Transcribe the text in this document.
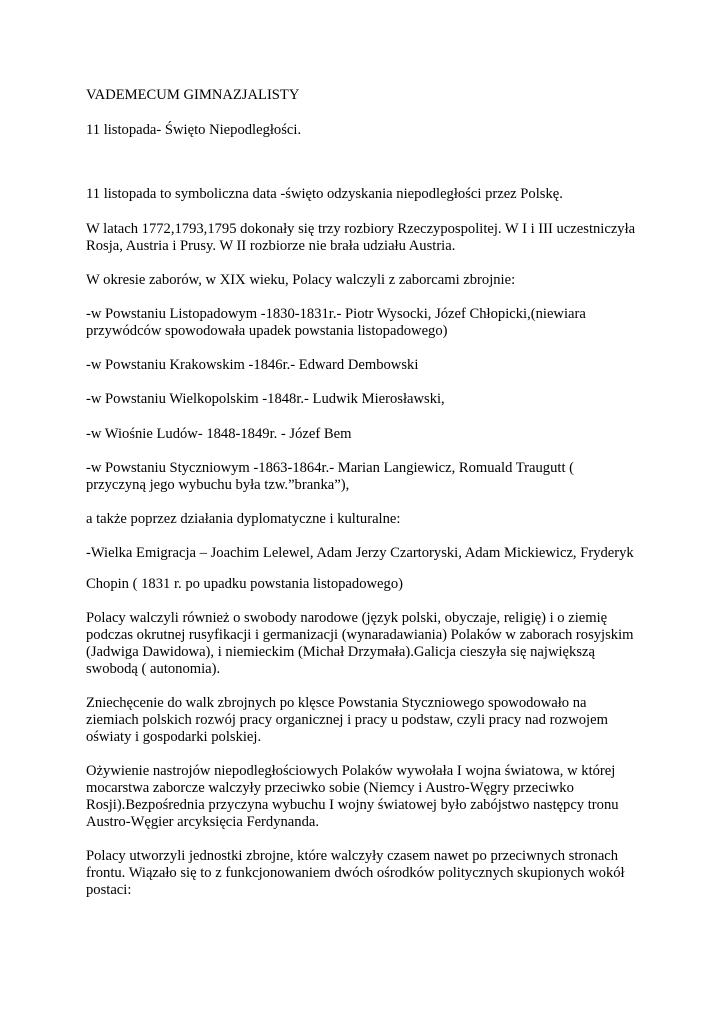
VADEMECUM GIMNAZJALISTY

11 listopada- Święto Niepodległości.

11 listopada to symboliczna data -święto odzyskania niepodległości przez Polskę.

W latach 1772,1793,1795 dokonały się trzy rozbiory Rzeczypospolitej. W I i III uczestniczyła

Rosja, Austria i Prusy. W II rozbiorze nie brała udziału Austria.

W okresie zaborów, w XIX wieku, Polacy walczyli z zaborcami zbrojnie:

-w Powstaniu Listopadowym -1830-1831r.- Piotr Wysocki, Józef Chłopicki,(niewiara

przywódców spowodowała upadek powstania listopadowego)

-w Powstaniu Krakowskim -1846r.- Edward Dembowski

-w Powstaniu Wielkopolskim -1848r.- Ludwik Mierosławski,

-w Wiośnie Ludów- 1848-1849r. - Józef Bem

-w Powstaniu Styczniowym -1863-1864r.- Marian Langiewicz, Romuald Traugutt (

przyczyną jego wybuchu była tzw.”branka”),

a także poprzez działania dyplomatyczne i kulturalne:

-Wielka Emigracja – Joachim Lelewel, Adam Jerzy Czartoryski, Adam Mickiewicz, Fryderyk

Chopin ( 1831 r. po upadku powstania listopadowego)

Polacy walczyli również o swobody narodowe (język polski, obyczaje, religię) i o ziemię

podczas okrutnej rusyfikacji i germanizacji (wynaradawiania) Polaków w zaborach rosyjskim

(Jadwiga Dawidowa), i niemieckim (Michał Drzymała).Galicja cieszyła się największą

swobodą ( autonomia).

Zniechęcenie do walk zbrojnych po klęsce Powstania Styczniowego spowodowało na

ziemiach polskich rozwój pracy organicznej i pracy u podstaw, czyli pracy nad rozwojem

oświaty i gospodarki polskiej.

Ożywienie nastrojów niepodległościowych Polaków wywołała I wojna światowa, w której

mocarstwa zaborcze walczyły przeciwko sobie (Niemcy i Austro-Węgry przeciwko

Rosji).Bezpośrednia przyczyna wybuchu I wojny światowej było zabójstwo następcy tronu

Austro-Węgier arcyksięcia Ferdynanda.

Polacy utworzyli jednostki zbrojne, które walczyły czasem nawet po przeciwnych stronach

frontu. Wiązało się to z funkcjonowaniem dwóch ośrodków politycznych skupionych wokół

postaci:
